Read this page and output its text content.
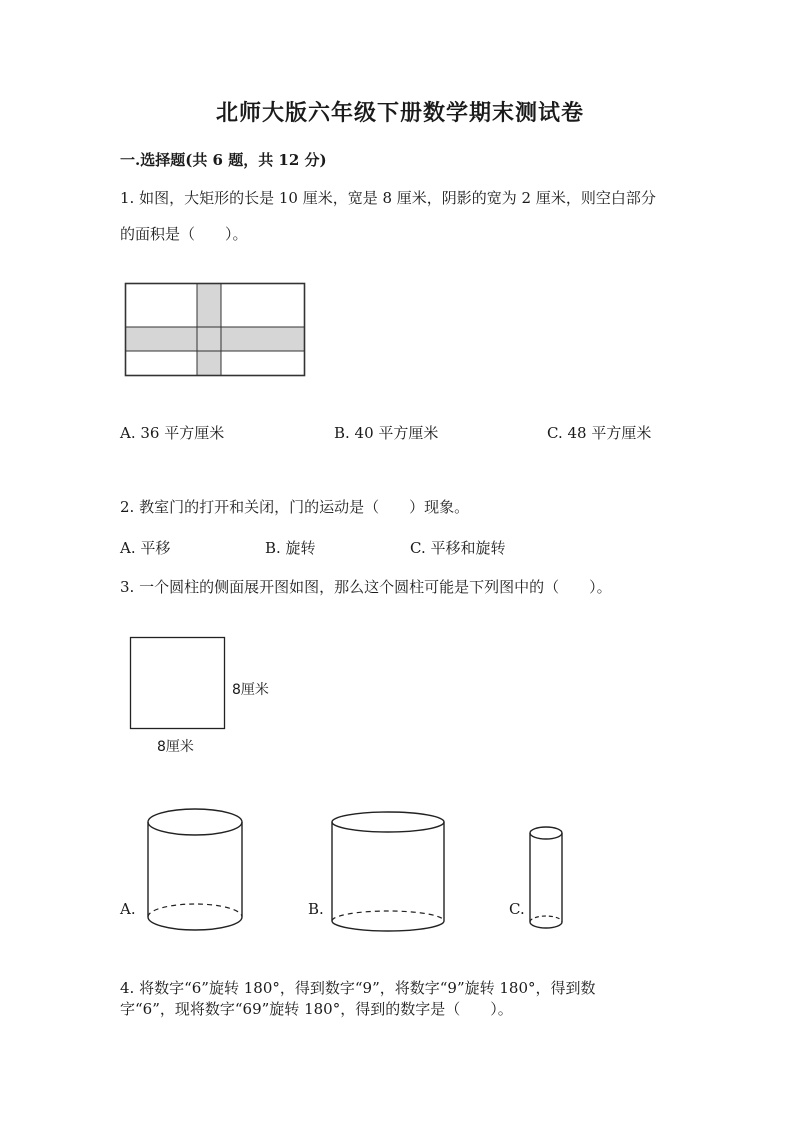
北师大版六年级下册数学期末测试卷
一.选择题(共 6 题，共 12 分)
1. 如图，大矩形的长是 10 厘米，宽是 8 厘米，阴影的宽为 2 厘米，则空白部分
的面积是（　　）。
A. 36 平方厘米	B. 40 平方厘米	C. 48 平方厘米
2. 教室门的打开和关闭，门的运动是（　　）现象。
A. 平移	B. 旋转	C. 平移和旋转
3. 一个圆柱的侧面展开图如图，那么这个圆柱可能是下列图中的（　　）。
8厘米
8厘米
A.	B.	C.
4. 将数字“6”旋转 180°，得到数字“9”，将数字“9”旋转 180°，得到数
字“6”，现将数字“69”旋转 180°，得到的数字是（　　）。
